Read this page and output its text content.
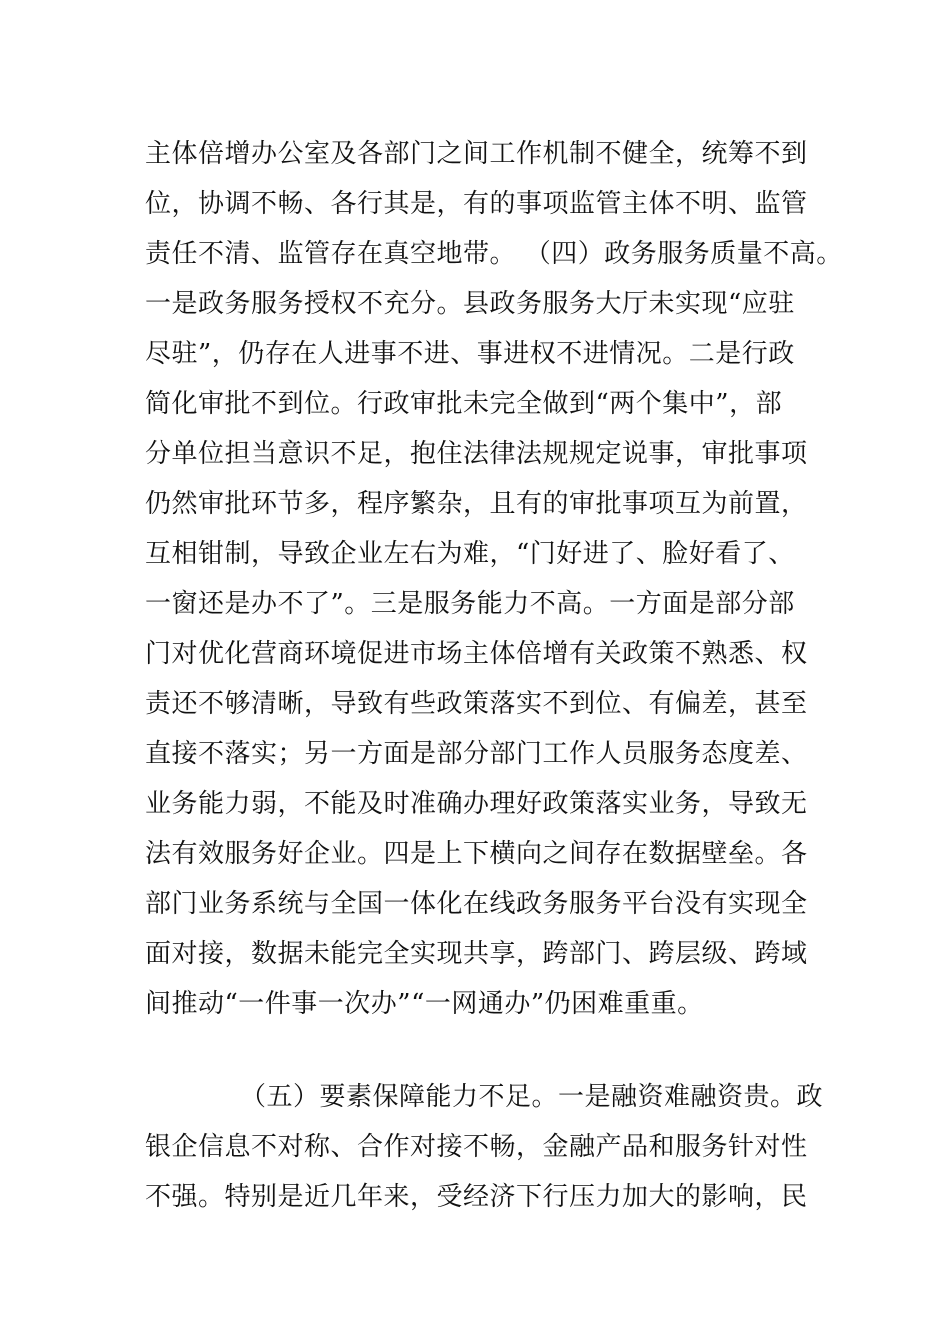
主体倍增办公室及各部门之间工作机制不健全，统筹不到
位，协调不畅、各行其是，有的事项监管主体不明、监管
责任不清、监管存在真空地带。 （四）政务服务质量不高。
一是政务服务授权不充分。县政务服务大厅未实现“应驻
尽驻”，仍存在人进事不进、事进权不进情况。二是行政
简化审批不到位。行政审批未完全做到“两个集中”，部
分单位担当意识不足，抱住法律法规规定说事，审批事项
仍然审批环节多，程序繁杂，且有的审批事项互为前置，
互相钳制，导致企业左右为难，“门好进了、脸好看了、
一窗还是办不了”。三是服务能力不高。一方面是部分部
门对优化营商环境促进市场主体倍增有关政策不熟悉、权
责还不够清晰，导致有些政策落实不到位、有偏差，甚至
直接不落实；另一方面是部分部门工作人员服务态度差、
业务能力弱，不能及时准确办理好政策落实业务，导致无
法有效服务好企业。四是上下横向之间存在数据壁垒。各
部门业务系统与全国一体化在线政务服务平台没有实现全
面对接，数据未能完全实现共享，跨部门、跨层级、跨域
间推动“一件事一次办”“一网通办”仍困难重重。
（五）要素保障能力不足。一是融资难融资贵。政
银企信息不对称、合作对接不畅，金融产品和服务针对性
不强。特别是近几年来，受经济下行压力加大的影响，民
